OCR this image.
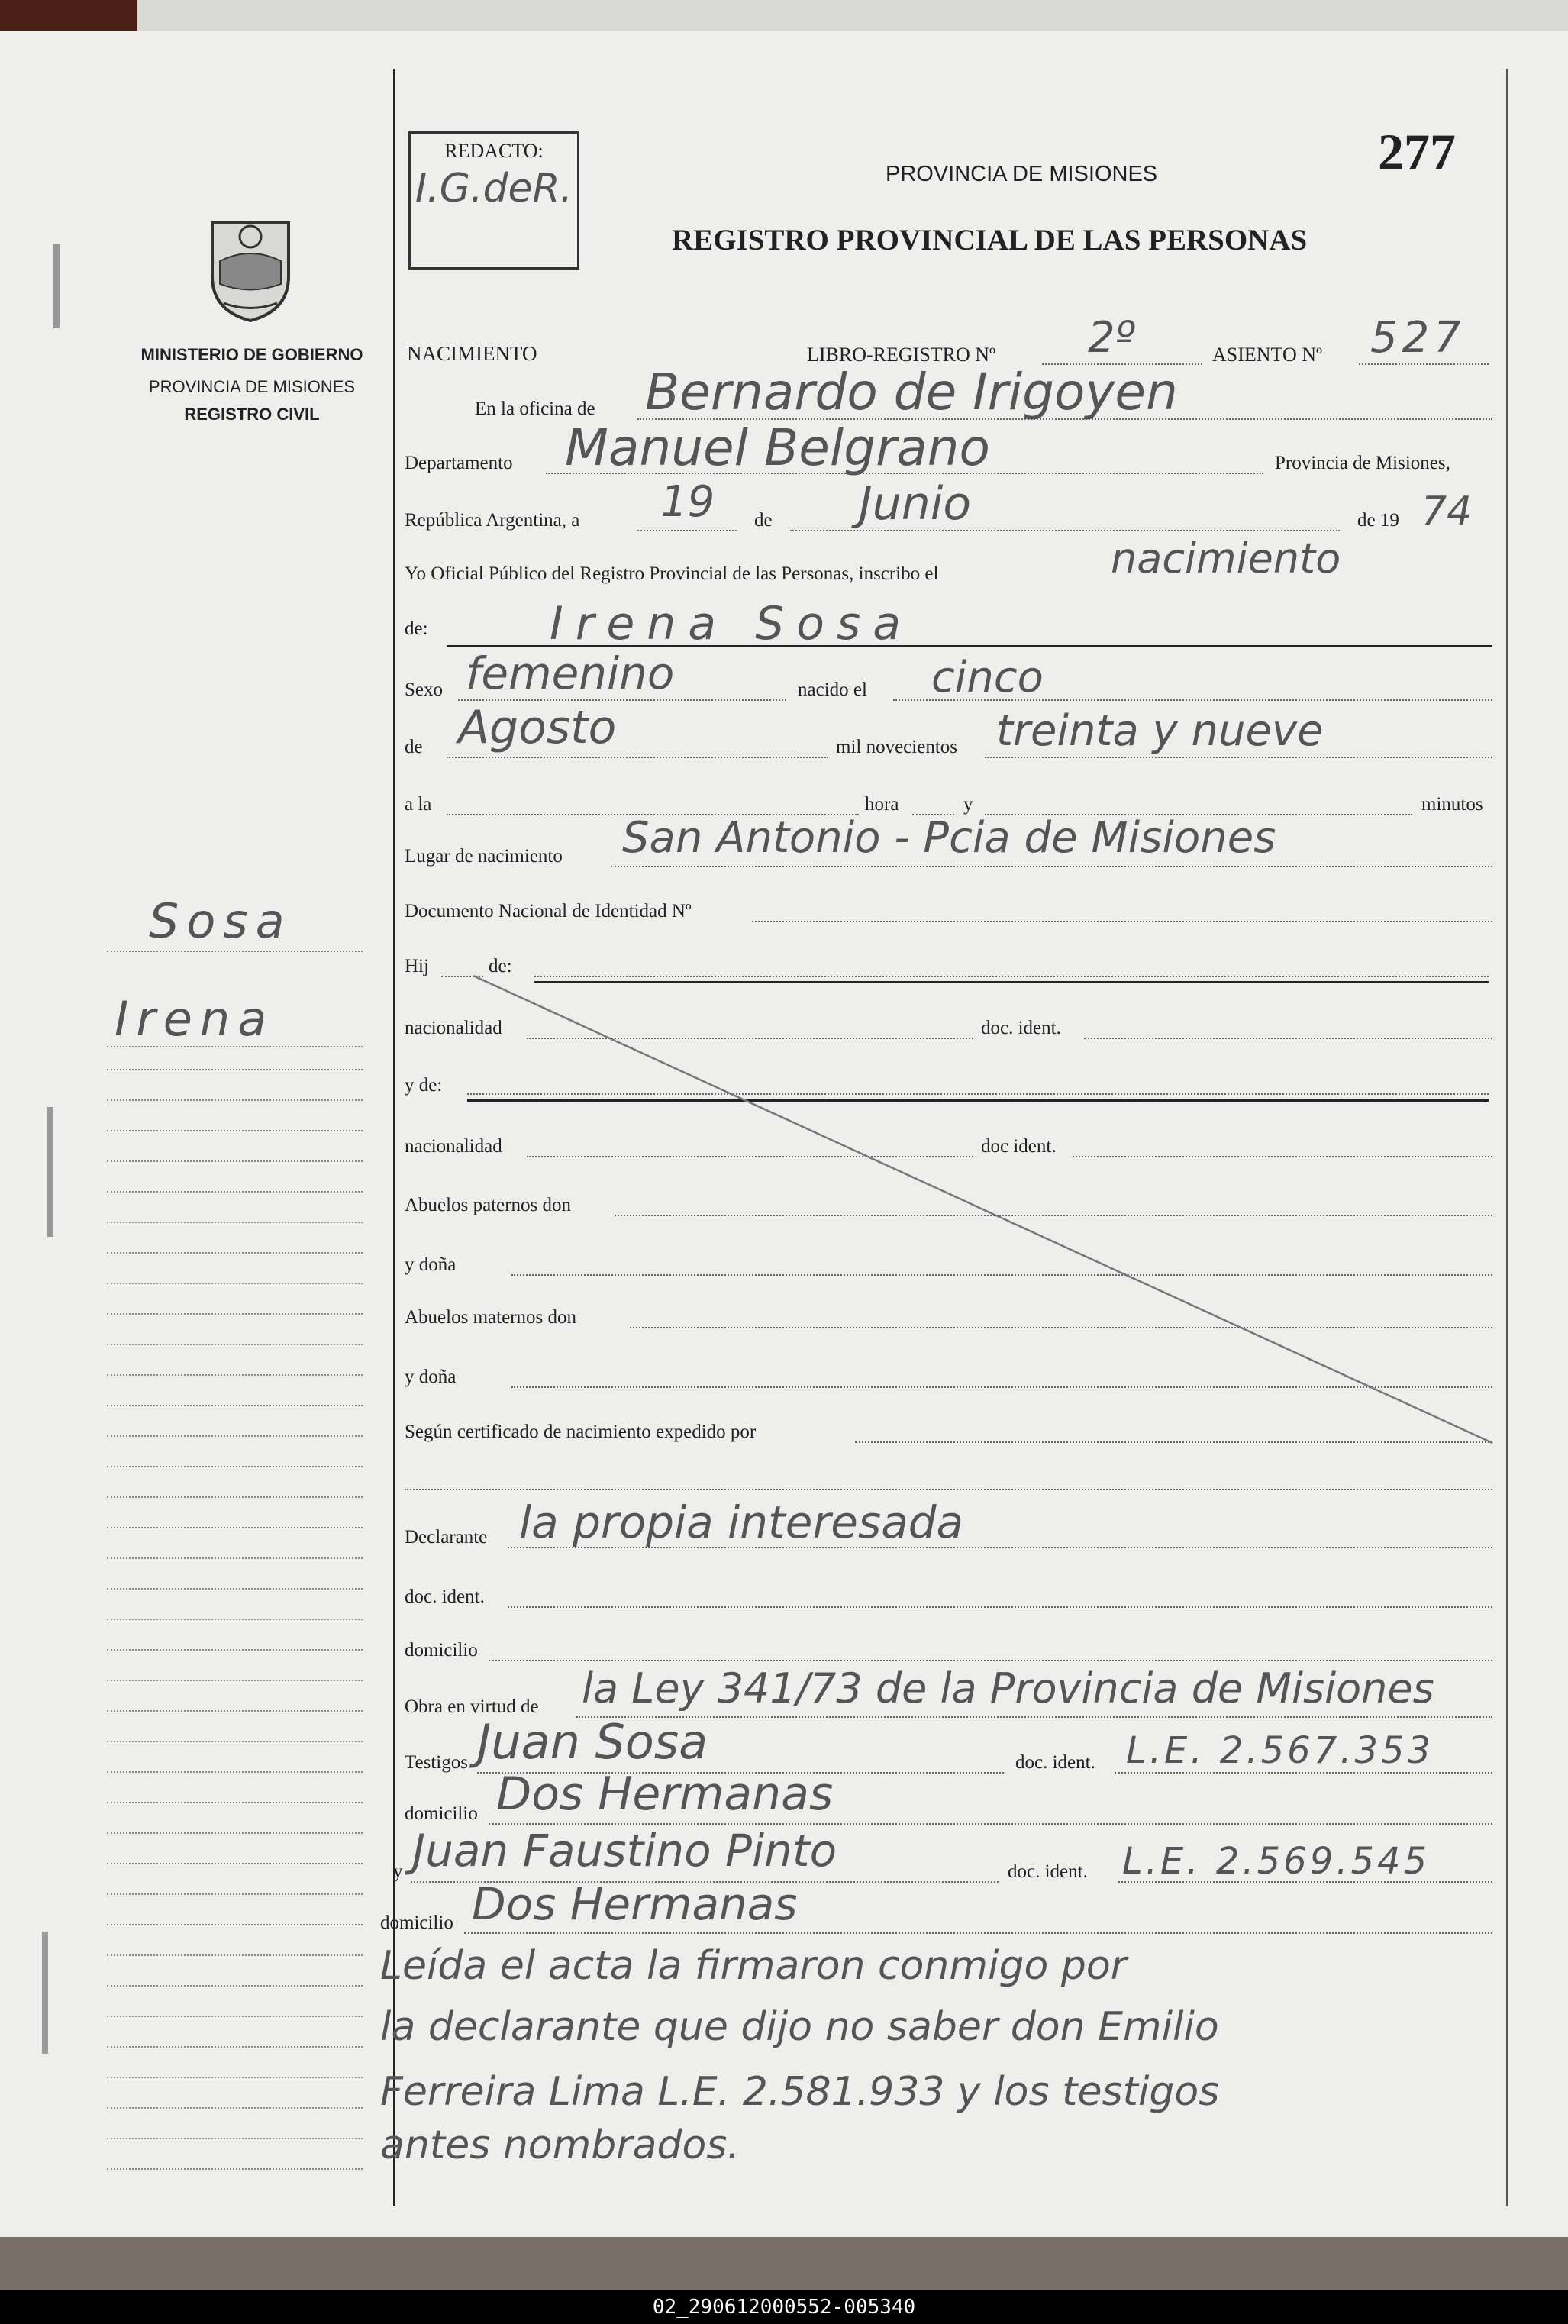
REDACTO:
I.G.deR.	PROVINCIA DE MISIONES	277
REGISTRO PROVINCIAL DE LAS PERSONAS
MINISTERIO DE GOBIERNO
PROVINCIA DE MISIONES
REGISTRO CIVIL
Sosa
Irena
NACIMIENTO	LIBRO-REGISTRO Nº 2º	ASIENTO Nº 527
En la oficina de Bernardo de Irigoyen
Departamento Manuel Belgrano	Provincia de Misiones,
República Argentina, a 19 de Junio	de 19 74
Yo Oficial Público del Registro Provincial de las Personas, inscribo el	nacimiento
de:	Irena Sosa
Sexo femenino	nacido el cinco
de Agosto	mil novecientos treinta y nueve
a la	hora	y	minutos
Lugar de nacimiento San Antonio - Pcia de Misiones
Documento Nacional de Identidad Nº
Hij	de:
nacionalidad	doc. ident.
y de:
nacionalidad	doc ident.
Abuelos paternos don
y doña
Abuelos maternos don
y doña
Según certificado de nacimiento expedido por
Declarante la propia interesada
doc. ident.
domicilio
Obra en virtud de la Ley 341/73 de la Provincia de Misiones
Testigos Juan Sosa	doc. ident. L.E. 2.567.353
domicilio Dos Hermanas
y Juan Faustino Pinto	doc. ident. L.E. 2.569.545
domicilio Dos Hermanas
Leída el acta la firmaron conmigo por
la declarante que dijo no saber don Emilio
Ferreira Lima L.E. 2.581.933 y los testigos
antes nombrados.
02_290612000552-005340
